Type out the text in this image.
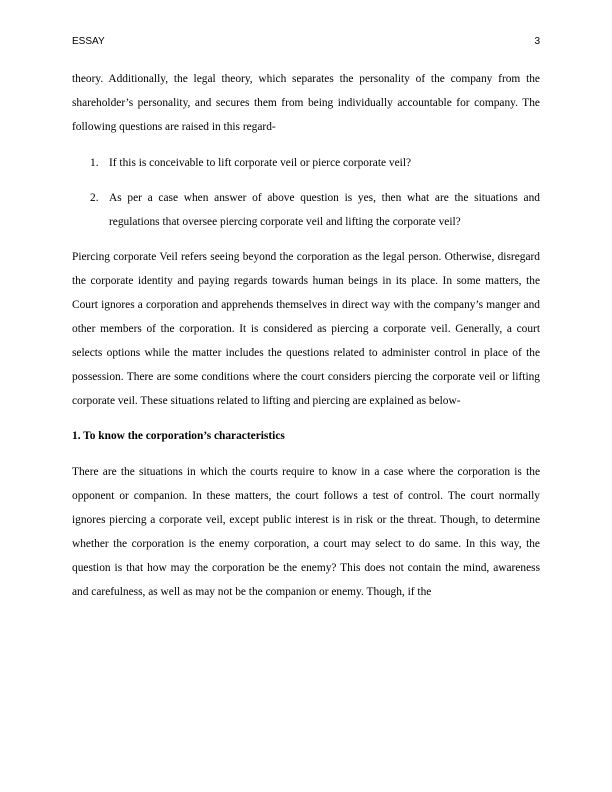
ESSAY	3

theory. Additionally, the legal theory, which separates the personality of the company from the shareholder’s personality, and secures them from being individually accountable for company. The following questions are raised in this regard-

1. If this is conceivable to lift corporate veil or pierce corporate veil?
2. As per a case when answer of above question is yes, then what are the situations and regulations that oversee piercing corporate veil and lifting the corporate veil?

Piercing corporate Veil refers seeing beyond the corporation as the legal person. Otherwise, disregard the corporate identity and paying regards towards human beings in its place. In some matters, the Court ignores a corporation and apprehends themselves in direct way with the company’s manger and other members of the corporation. It is considered as piercing a corporate veil. Generally, a court selects options while the matter includes the questions related to administer control in place of the possession. There are some conditions where the court considers piercing the corporate veil or lifting corporate veil. These situations related to lifting and piercing are explained as below-

1. To know the corporation’s characteristics

There are the situations in which the courts require to know in a case where the corporation is the opponent or companion. In these matters, the court follows a test of control. The court normally ignores piercing a corporate veil, except public interest is in risk or the threat. Though, to determine whether the corporation is the enemy corporation, a court may select to do same. In this way, the question is that how may the corporation be the enemy? This does not contain the mind, awareness and carefulness, as well as may not be the companion or enemy. Though, if the
